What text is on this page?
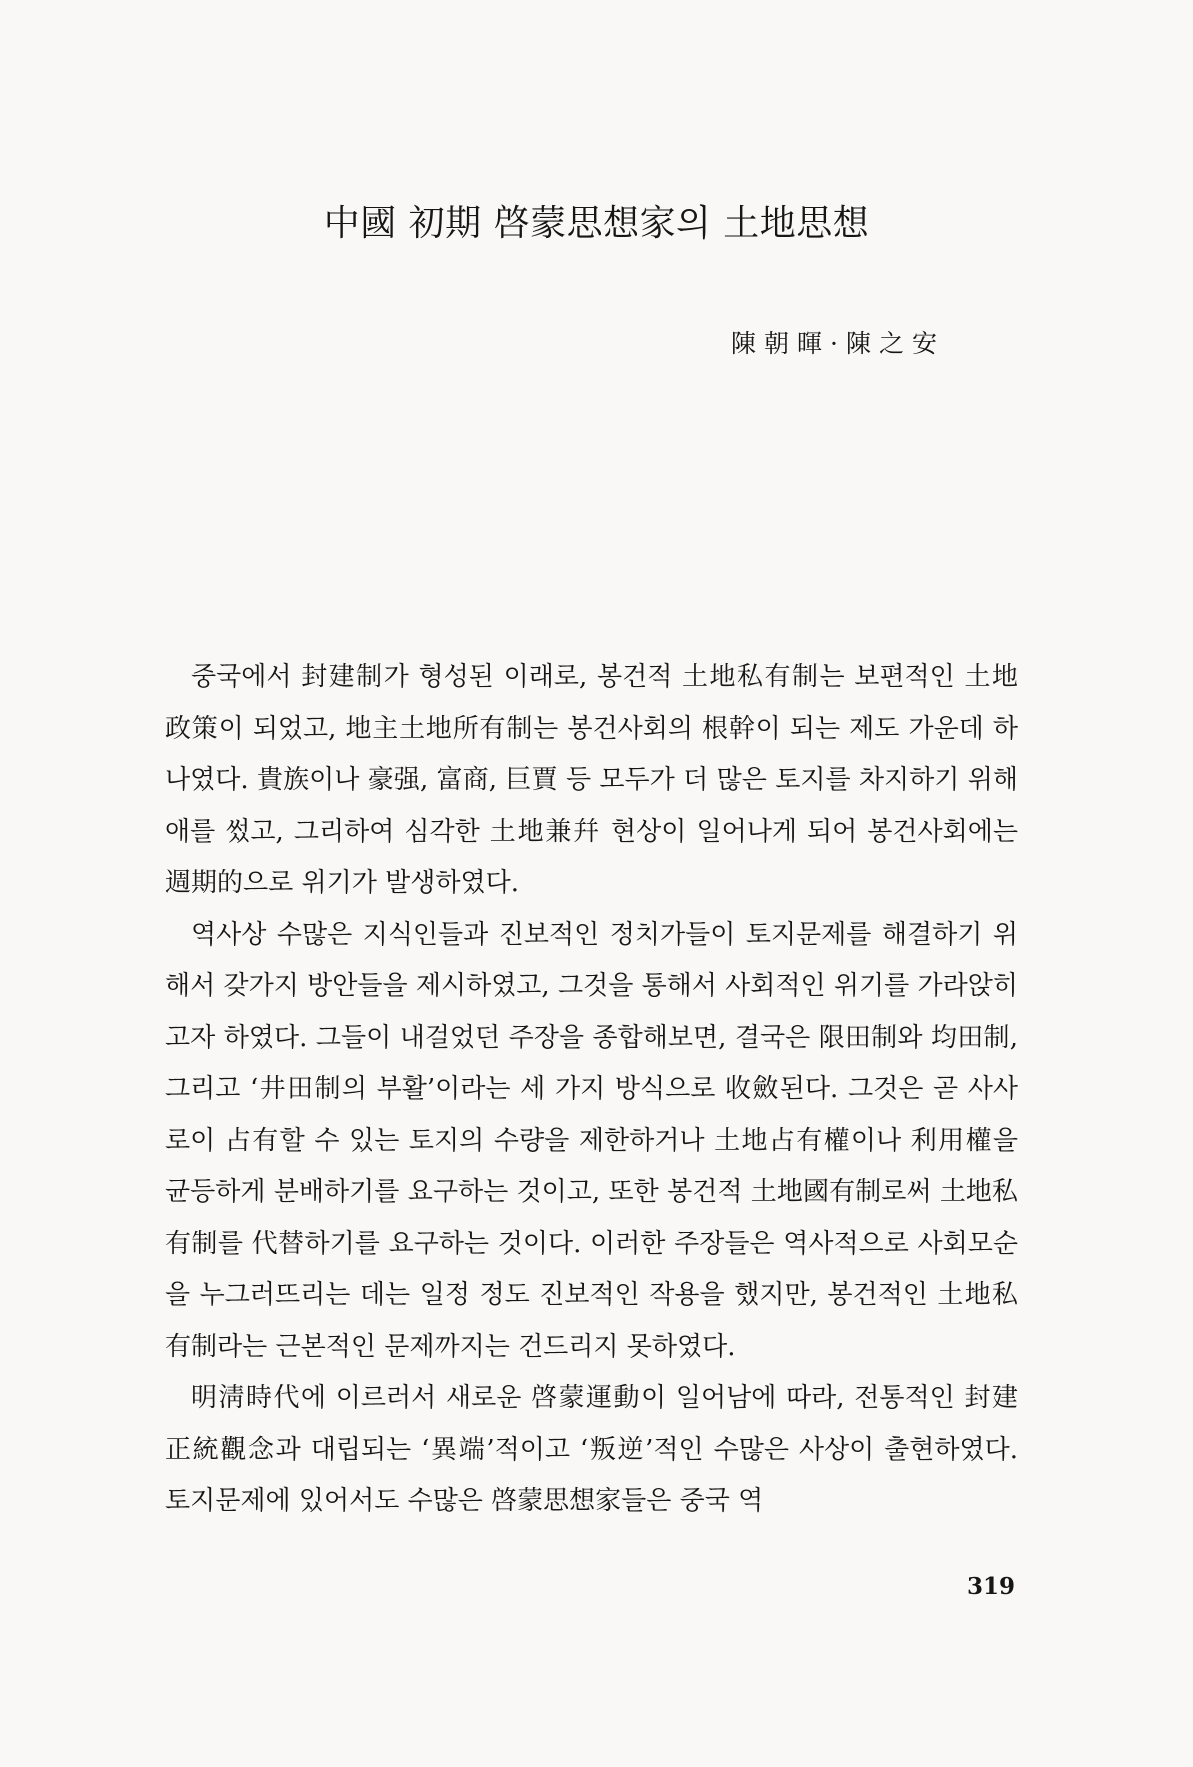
中國 初期 啓蒙思想家의 土地思想

陳朝暉·陳之安

중국에서 封建制가 형성된 이래로, 봉건적 土地私有制는 보편적인 土地政策이 되었고, 地主土地所有制는 봉건사회의 根幹이 되는 제도 가운데 하나였다. 貴族이나 豪强, 富商, 巨賈 등 모두가 더 많은 토지를 차지하기 위해 애를 썼고, 그리하여 심각한 土地兼幷 현상이 일어나게 되어 봉건사회에는 週期的으로 위기가 발생하였다.

역사상 수많은 지식인들과 진보적인 정치가들이 토지문제를 해결하기 위해서 갖가지 방안들을 제시하였고, 그것을 통해서 사회적인 위기를 가라앉히고자 하였다. 그들이 내걸었던 주장을 종합해보면, 결국은 限田制와 均田制, 그리고 ‘井田制의 부활’이라는 세 가지 방식으로 收斂된다. 그것은 곧 사사로이 占有할 수 있는 토지의 수량을 제한하거나 土地占有權이나 利用權을 균등하게 분배하기를 요구하는 것이고, 또한 봉건적 土地國有制로써 土地私有制를 代替하기를 요구하는 것이다. 이러한 주장들은 역사적으로 사회모순을 누그러뜨리는 데는 일정 정도 진보적인 작용을 했지만, 봉건적인 土地私有制라는 근본적인 문제까지는 건드리지 못하였다.

明淸時代에 이르러서 새로운 啓蒙運動이 일어남에 따라, 전통적인 封建正統觀念과 대립되는 ‘異端’적이고 ‘叛逆’적인 수많은 사상이 출현하였다. 토지문제에 있어서도 수많은 啓蒙思想家들은 중국 역

319
